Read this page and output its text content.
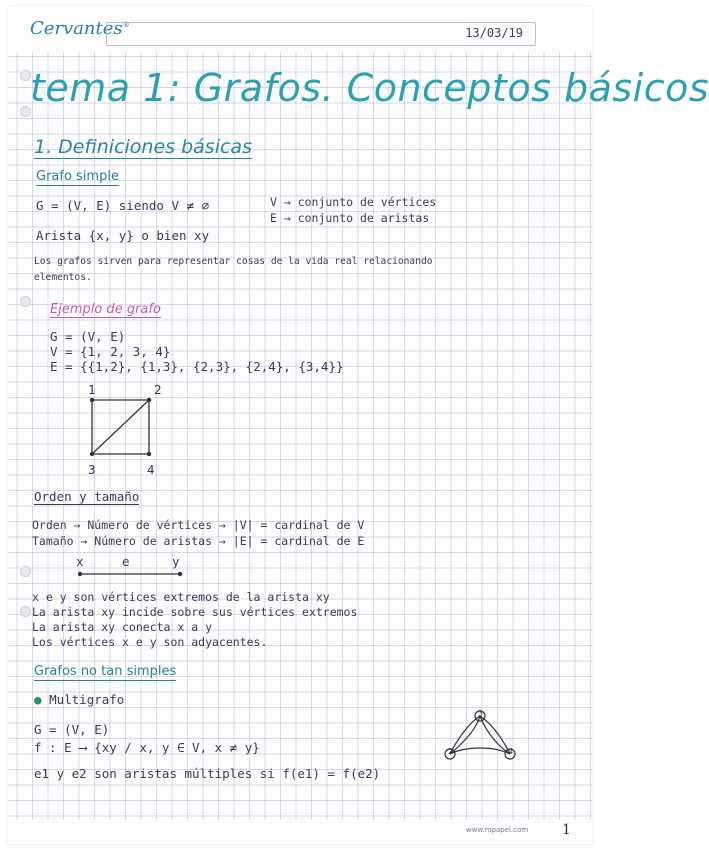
Cervantes®
13/03/19
tema 1: Grafos. Conceptos básicos
1. Definiciones básicas
Grafo simple
G = (V, E) siendo V ≠ ∅	V → conjunto de vértices
E → conjunto de aristas
Arista {x, y} o bien xy
Los grafos sirven para representar cosas de la vida real relacionando
elementos.
Ejemplo de grafo
G = (V, E)
V = {1, 2, 3, 4}
E = {{1,2}, {1,3}, {2,3}, {2,4}, {3,4}}
1	2
3	4
Orden y tamaño
Orden → Número de vértices → |V| = cardinal de V
Tamaño → Número de aristas → |E| = cardinal de E
x	e	y
x e y son vértices extremos de la arista xy
La arista xy incide sobre sus vértices extremos
La arista xy conecta x a y
Los vértices x e y son adyacentes.
Grafos no tan simples
● Multigrafo
G = (V, E)
f : E ⟶ {xy / x, y ∈ V, x ≠ y}
e1 y e2 son aristas múltiples si f(e1) = f(e2)
2
3
4
www.mpapel.com 1
